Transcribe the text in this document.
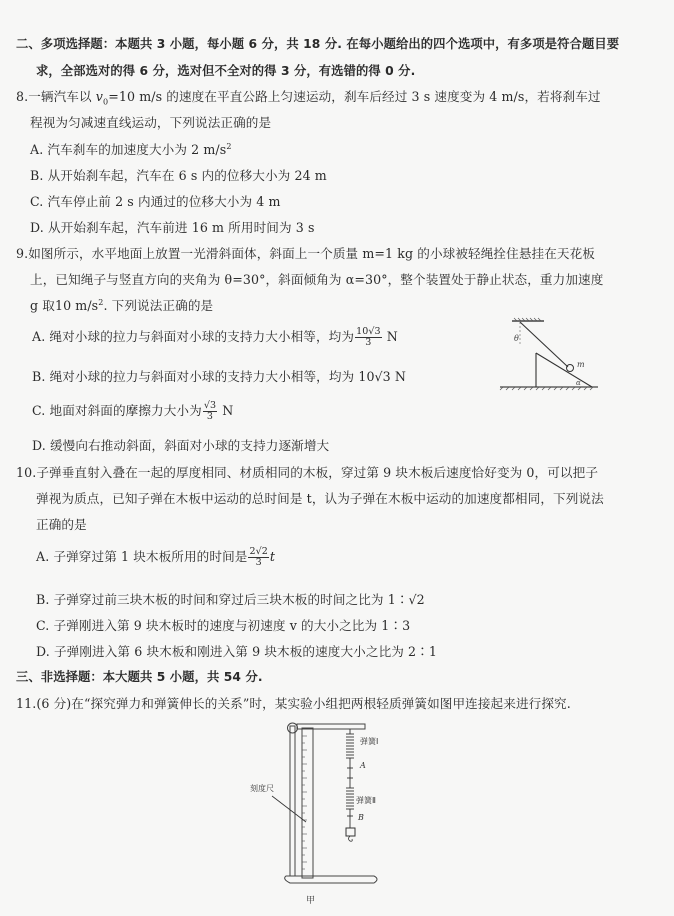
二、多项选择题：本题共 3 小题，每小题 6 分，共 18 分. 在每小题给出的四个选项中，有多项是符合题目要
求，全部选对的得 6 分，选对但不全对的得 3 分，有选错的得 0 分.
8.一辆汽车以 $v_0=10$ m/s 的速度在平直公路上匀速运动，刹车后经过 3 s 速度变为 4 m/s，若将刹车过
程视为匀减速直线运动，下列说法正确的是
A. 汽车刹车的加速度大小为 2 $m/s^2$
B. 从开始刹车起，汽车在 6 s 内的位移大小为 24 m
C. 汽车停止前 2 s 内通过的位移大小为 4 m
D. 从开始刹车起，汽车前进 16 m 所用时间为 3 s
9.如图所示，水平地面上放置一光滑斜面体，斜面上一个质量 m=1 kg 的小球被轻绳拴住悬挂在天花板
上，已知绳子与竖直方向的夹角为 θ=30°，斜面倾角为 α=30°，整个装置处于静止状态，重力加速度
g 取10 $m/s^2$. 下列说法正确的是
A. 绳对小球的拉力与斜面对小球的支持力大小相等，均为 $\frac{10√3}{3}$ N
B. 绳对小球的拉力与斜面对小球的支持力大小相等，均为 10√3 N
C. 地面对斜面的摩擦力大小为 $\frac{√3}{3}$ N
D. 缓慢向右推动斜面，斜面对小球的支持力逐渐增大
θ
m
α
10.子弹垂直射入叠在一起的厚度相同、材质相同的木板，穿过第 9 块木板后速度恰好变为 0，可以把子
弹视为质点，已知子弹在木板中运动的总时间是 t，认为子弹在木板中运动的加速度都相同，下列说法
正确的是
A. 子弹穿过第 1 块木板所用的时间是 $\frac{2√2}{3}$ t
B. 子弹穿过前三块木板的时间和穿过后三块木板的时间之比为 1∶√2
C. 子弹刚进入第 9 块木板时的速度与初速度 v 的大小之比为 1∶3
D. 子弹刚进入第 6 块木板和刚进入第 9 块木板的速度大小之比为 2∶1
三、非选择题：本大题共 5 小题，共 54 分.
11.(6 分)在“探究弹力和弹簧伸长的关系”时，某实验小组把两根轻质弹簧如图甲连接起来进行探究.
弹簧Ⅰ
A
弹簧Ⅱ
B
刻度尺
甲
